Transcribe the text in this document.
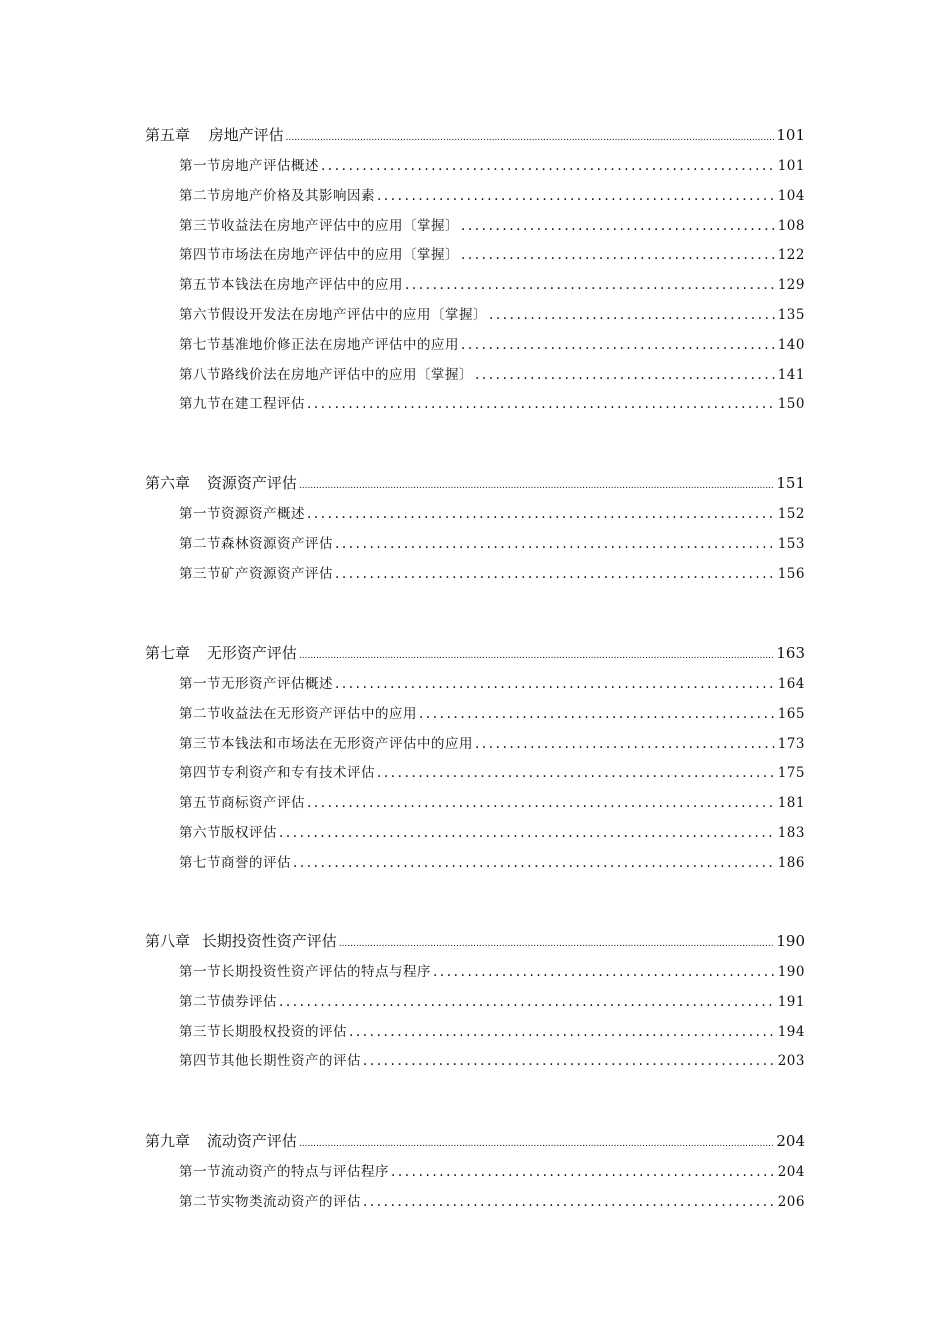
第五章	房地产评估 .....	101
第一节 房地产评估概述 .....	101
第二节 房地产价格及其影响因素 .....	104
第三节 收益法在房地产评估中的应用〔掌握〕 .....	108
第四节 市场法在房地产评估中的应用〔掌握〕 .....	122
第五节 本钱法在房地产评估中的应用 .....	129
第六节 假设开发法在房地产评估中的应用〔掌握〕 .....	135
第七节 基准地价修正法在房地产评估中的应用 .....	140
第八节 路线价法在房地产评估中的应用〔掌握〕 .....	141
第九节 在建工程评估 .....	150
第六章	资源资产评估 .....	151
第一节 资源资产概述 .....	152
第二节 森林资源资产评估 .....	153
第三节 矿产资源资产评估 .....	156
第七章	无形资产评估 .....	163
第一节 无形资产评估概述 .....	164
第二节 收益法在无形资产评估中的应用 .....	165
第三节 本钱法和市场法在无形资产评估中的应用 .....	173
第四节 专利资产和专有技术评估 .....	175
第五节 商标资产评估 .....	181
第六节 版权评估 .....	183
第七节 商誉的评估 .....	186
第八章 长期投资性资产评估 .....	190
第一节 长期投资性资产评估的特点与程序 .....	190
第二节 债券评估 .....	191
第三节 长期股权投资的评估 .....	194
第四节 其他长期性资产的评估 .....	203
第九章	流动资产评估 .....	204
第一节 流动资产的特点与评估程序 .....	204
第二节 实物类流动资产的评估 .....	206
